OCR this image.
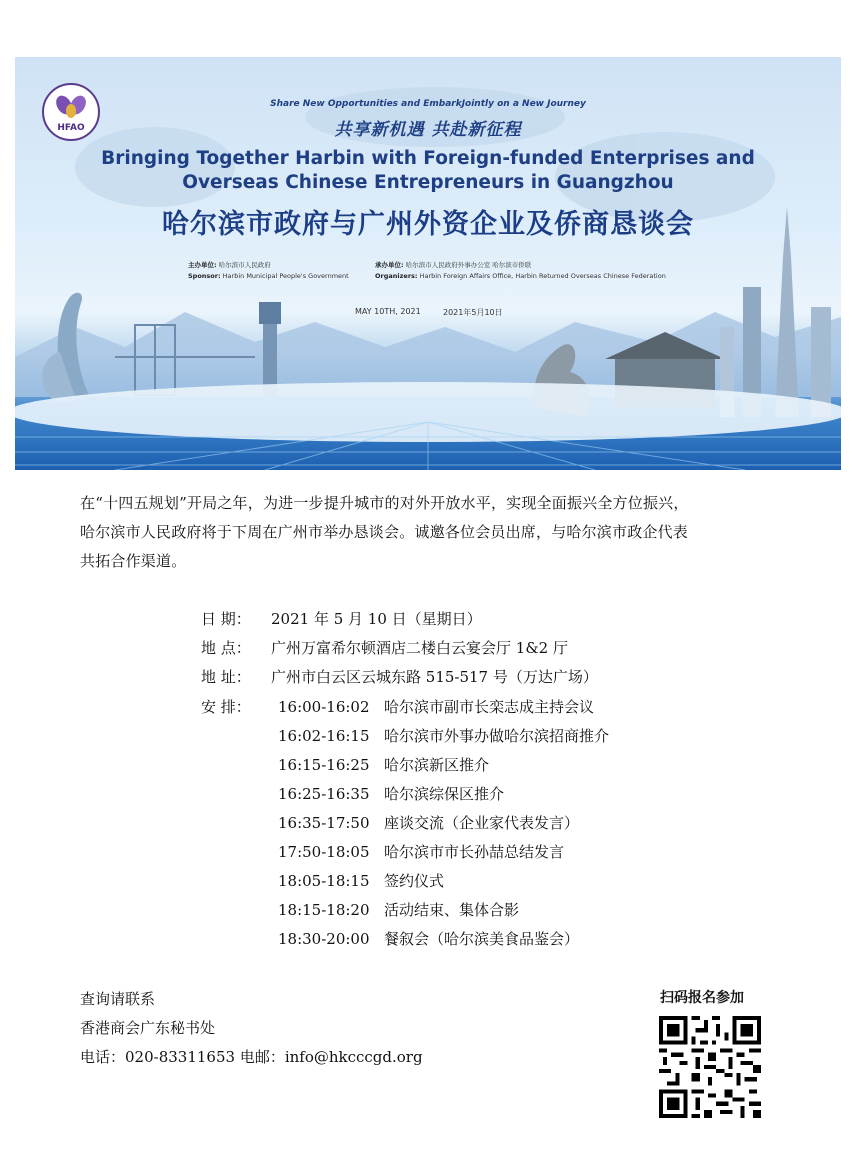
HFAO
Share New Opportunities and EmbarkJointly on a New Journey
共享新机遇 共赴新征程
Bringing Together Harbin with Foreign-funded Enterprises and
Overseas Chinese Entrepreneurs in Guangzhou
哈尔滨市政府与广州外资企业及侨商恳谈会
主办单位: 哈尔滨市人民政府
Sponsor: Harbin Municipal People's Government
承办单位: 哈尔滨市人民政府外事办公室 哈尔滨市侨联
Organizers: Harbin Foreign Affairs Office, Harbin Returned Overseas Chinese Federation
MAY 10TH, 2021	2021年5月10日
在“十四五规划”开局之年，为进一步提升城市的对外开放水平，实现全面振兴全方位振兴，
哈尔滨市人民政府将于下周在广州市举办恳谈会。诚邀各位会员出席，与哈尔滨市政企代表
共拓合作渠道。
日 期： 2021 年 5 月 10 日（星期日）
地 点： 广州万富希尔顿酒店二楼白云宴会厅 1&2 厅
地 址： 广州市白云区云城东路 515-517 号（万达广场）
安 排： 16:00-16:02 哈尔滨市副市长栾志成主持会议
16:02-16:15 哈尔滨市外事办做哈尔滨招商推介
16:15-16:25 哈尔滨新区推介
16:25-16:35 哈尔滨综保区推介
16:35-17:50 座谈交流（企业家代表发言）
17:50-18:05 哈尔滨市市长孙喆总结发言
18:05-18:15 签约仪式
18:15-18:20 活动结束、集体合影
18:30-20:00 餐叙会（哈尔滨美食品鉴会）
查询请联系
香港商会广东秘书处
电话：020-83311653 电邮：info@hkcccgd.org
扫码报名参加
